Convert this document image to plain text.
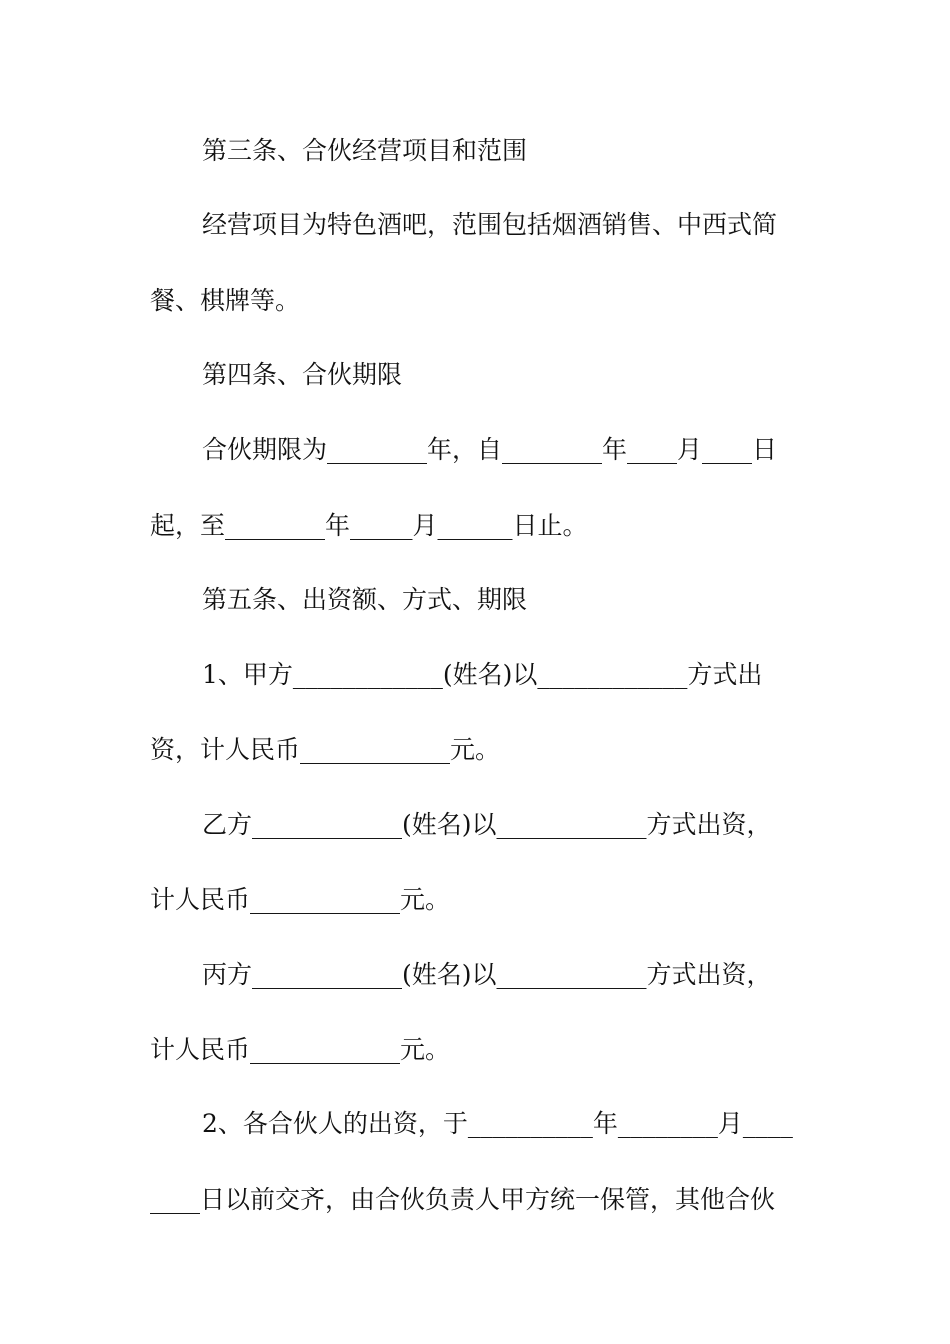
第三条、合伙经营项目和范围
经营项目为特色酒吧，范围包括烟酒销售、中西式简
餐、棋牌等。
第四条、合伙期限
合伙期限为________年，自________年____月____日
起，至________年_____月______日止。
第五条、出资额、方式、期限
1、甲方____________(姓名)以____________方式出
资，计人民币____________元。
乙方____________(姓名)以____________方式出资，
计人民币____________元。
丙方____________(姓名)以____________方式出资，
计人民币____________元。
2、各合伙人的出资，于__________年________月____
____日以前交齐，由合伙负责人甲方统一保管，其他合伙
